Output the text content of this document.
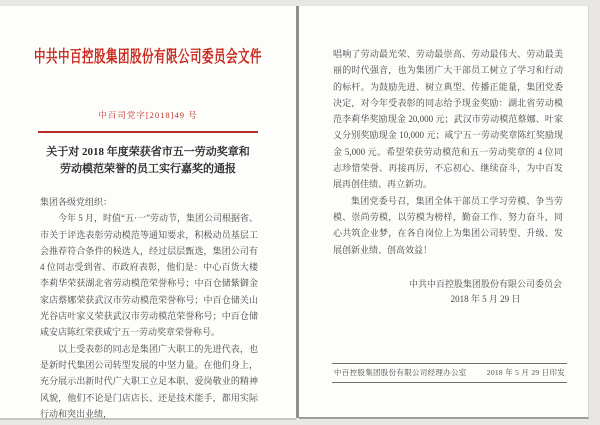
中共中百控股集团股份有限公司委员会文件
中百司党字[2018]49 号
关于对 2018 年度荣获省市五一劳动奖章和
劳动模范荣誉的员工实行嘉奖的通报

集团各级党组织：

今年 5 月，时值“五·一”劳动节，集团公司根据省、市关于评选表彰劳动模范等通知要求，积极动员基层工会推荐符合条件的候选人，经过层层甄选，集团公司有 4 位同志受到省、市政府表彰，他们是：中心百货大楼李莉华荣获湖北省劳动模范荣誉称号；中百仓储紫御金家店蔡娜荣获武汉市劳动模范荣誉称号；中百仓储关山光谷店叶家义荣获武汉市劳动模范荣誉称号；中百仓储咸安店陈红荣获咸宁五一劳动奖章荣誉称号。

以上受表彰的同志是集团广大职工的先进代表，也是新时代集团公司转型发展的中坚力量。在他们身上，充分展示出新时代广大职工立足本职、爱岗敬业的精神风貌，他们不论是门店店长、还是技术能手，都用实际行动和突出业绩，

唱响了劳动最光荣、劳动最崇高、劳动最伟大、劳动最美丽的时代强音，也为集团广大干部员工树立了学习和行动的标杆。为鼓励先进、树立典型、传播正能量，集团党委决定，对今年受表彰的同志给予现金奖励：湖北省劳动模范李莉华奖励现金 20,000 元；武汉市劳动模范蔡娜、叶家义分别奖励现金 10,000 元；咸宁五一劳动奖章陈红奖励现金 5,000 元。希望荣获劳动模范和五一劳动奖章的 4 位同志珍惜荣誉、再接再厉，不忘初心、继续奋斗，为中百发展再创佳绩、再立新功。

集团党委号召，集团全体干部员工学习劳模、争当劳模、崇尚劳模，以劳模为榜样，勤奋工作、努力奋斗，同心共筑企业梦，在各自岗位上为集团公司转型、升级、发展创新业绩、创高效益！

中共中百控股集团股份有限公司委员会
2018 年 5 月 29 日
中百控股集团股份有限公司经理办公室	2018 年 5 月 29 日印发
